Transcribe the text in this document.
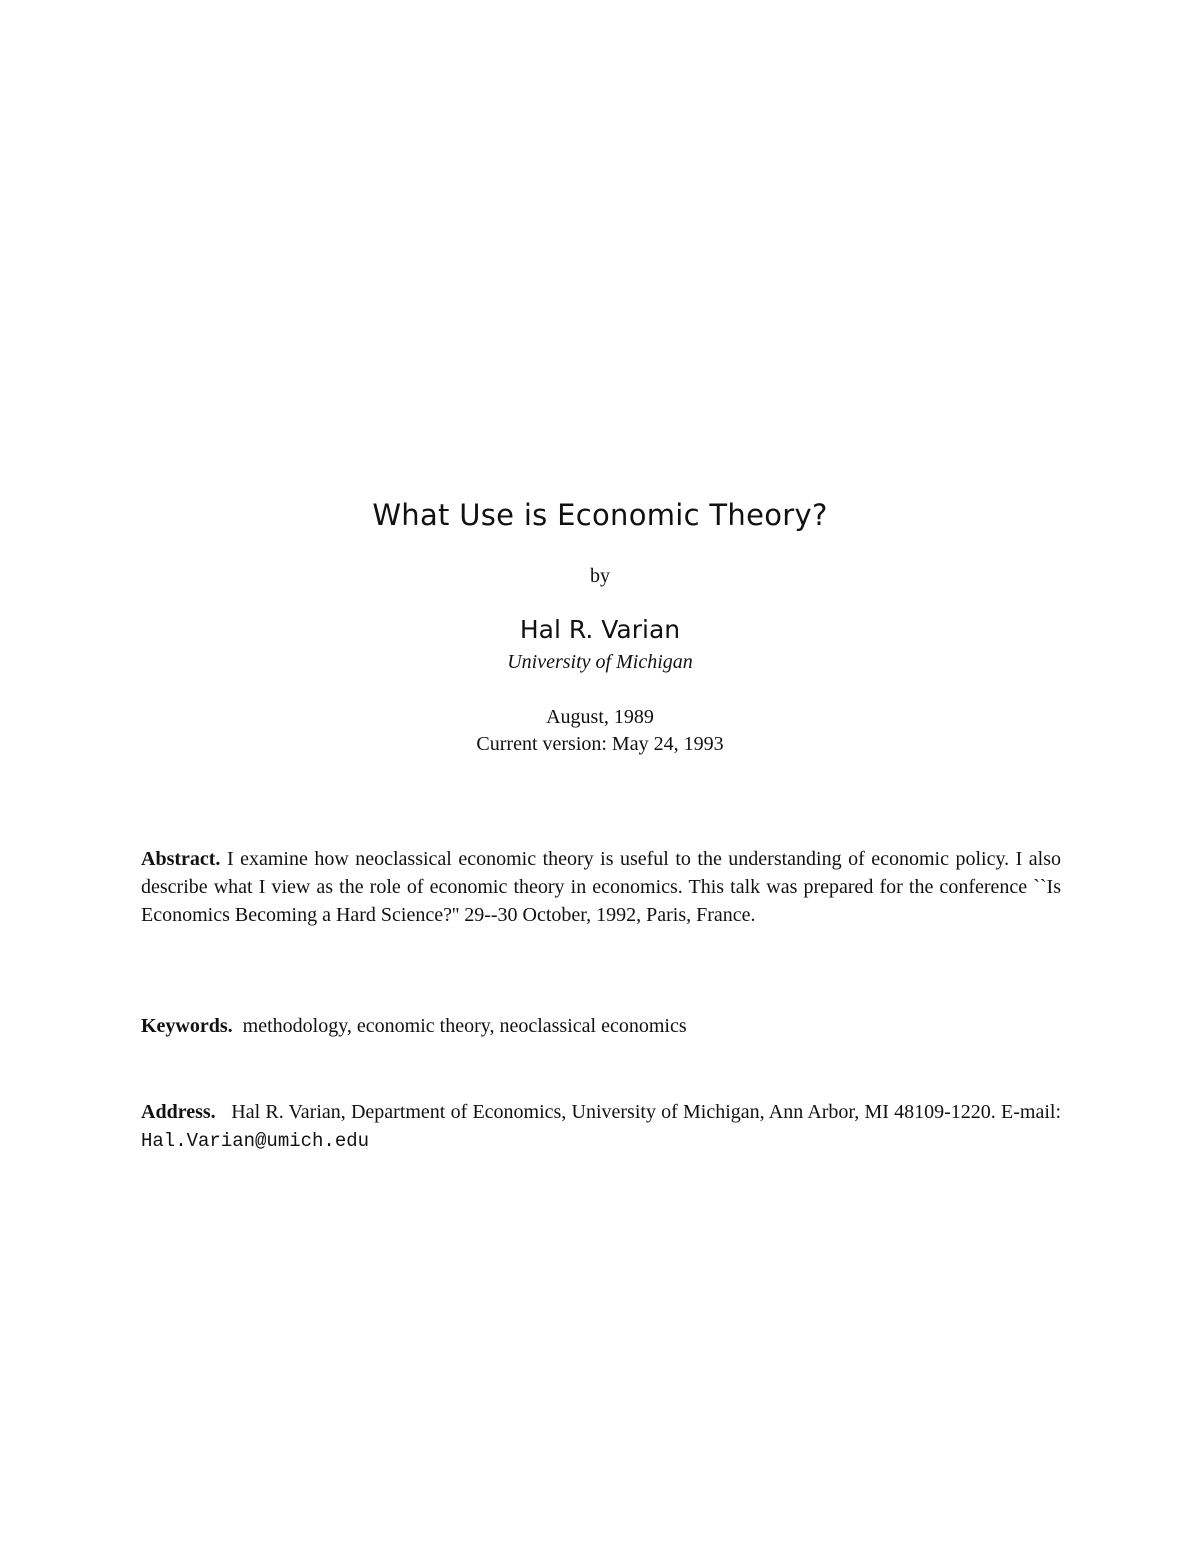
What Use is Economic Theory?
by
Hal R. Varian
University of Michigan
August, 1989
Current version: May 24, 1993
Abstract. I examine how neoclassical economic theory is useful to the understanding of economic policy. I also describe what I view as the role of economic theory in economics. This talk was prepared for the conference ``Is Economics Becoming a Hard Science?'' 29--30 October, 1992, Paris, France.
Keywords. methodology, economic theory, neoclassical economics
Address. Hal R. Varian, Department of Economics, University of Michigan, Ann Arbor, MI 48109-1220. E-mail: Hal.Varian@umich.edu
